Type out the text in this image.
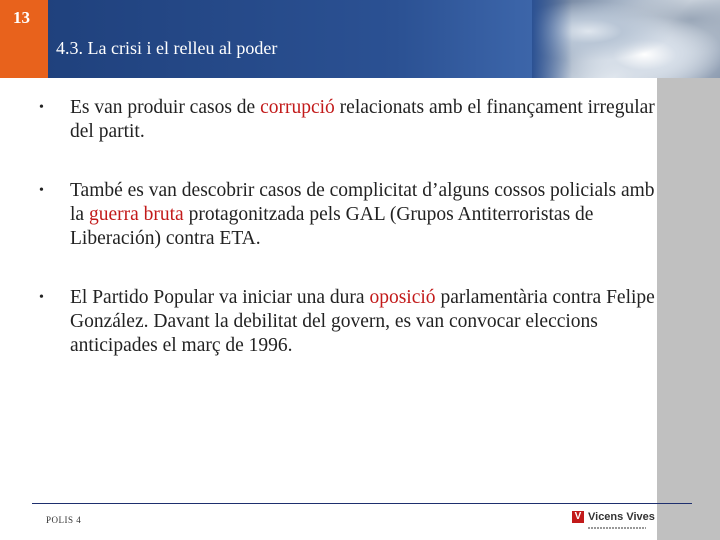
13
4.3. La crisi i el relleu al poder
• Es van produir casos de corrupció relacionats amb el finançament irregular del partit.
• També es van descobrir casos de complicitat d’alguns cossos policials amb la guerra bruta protagonitzada pels GAL (Grupos Antiterroristas de Liberación) contra ETA.
• El Partido Popular va iniciar una dura oposició parlamentària contra Felipe González. Davant la debilitat del govern, es van convocar eleccions anticipades el març de 1996.
POLIS 4	V Vicens Vives
